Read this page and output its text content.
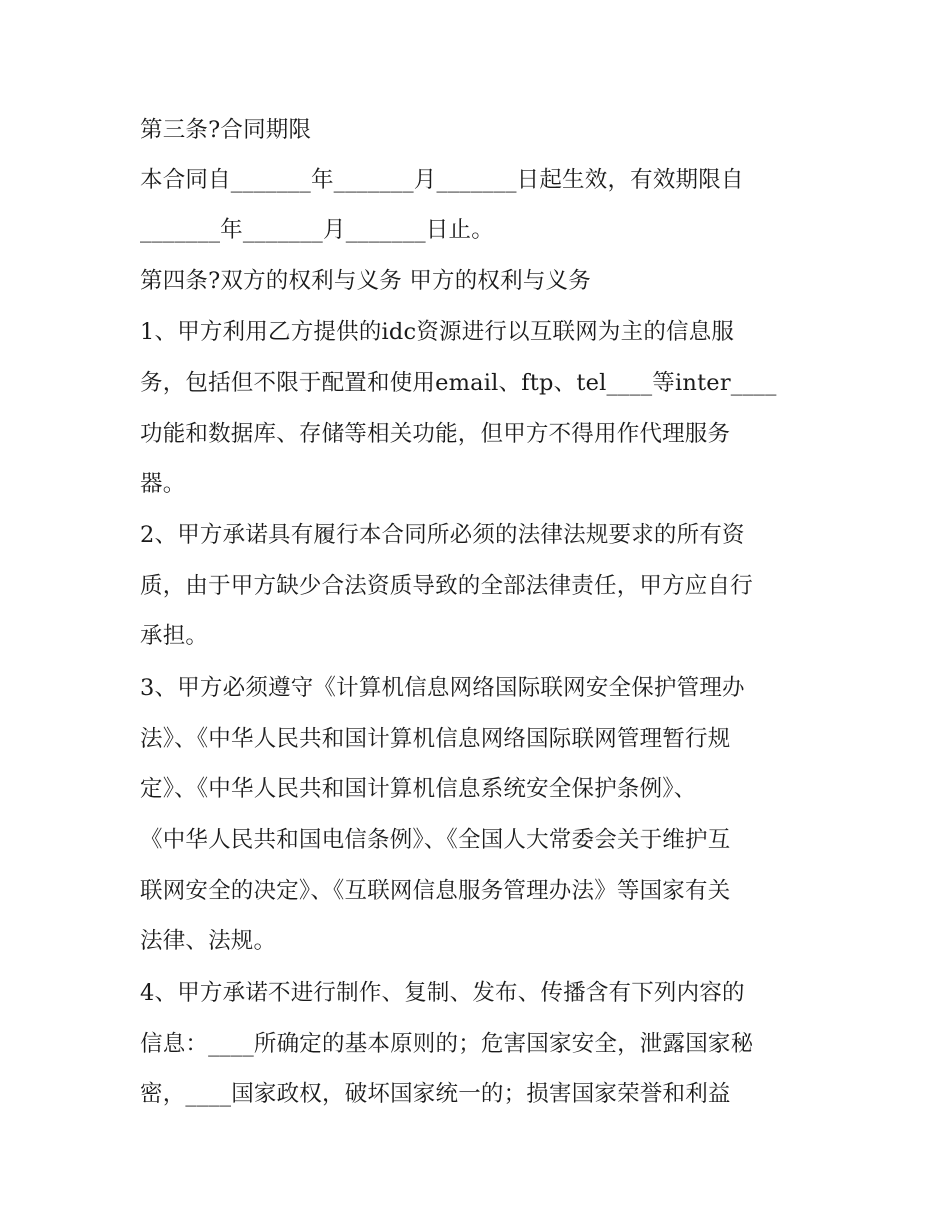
第三条?合同期限
本合同自_______年_______月_______日起生效，有效期限自
_______年_______月_______日止。
第四条?双方的权利与义务 甲方的权利与义务
1、甲方利用乙方提供的idc资源进行以互联网为主的信息服
务，包括但不限于配置和使用email、ftp、tel____等inter____
功能和数据库、存储等相关功能，但甲方不得用作代理服务
器。
2、甲方承诺具有履行本合同所必须的法律法规要求的所有资
质，由于甲方缺少合法资质导致的全部法律责任，甲方应自行
承担。
3、甲方必须遵守《计算机信息网络国际联网安全保护管理办
法》、《中华人民共和国计算机信息网络国际联网管理暂行规
定》、《中华人民共和国计算机信息系统安全保护条例》、
《中华人民共和国电信条例》、《全国人大常委会关于维护互
联网安全的决定》、《互联网信息服务管理办法》等国家有关
法律、法规。
4、甲方承诺不进行制作、复制、发布、传播含有下列内容的
信息：____所确定的基本原则的；危害国家安全，泄露国家秘
密，____国家政权，破坏国家统一的；损害国家荣誉和利益
